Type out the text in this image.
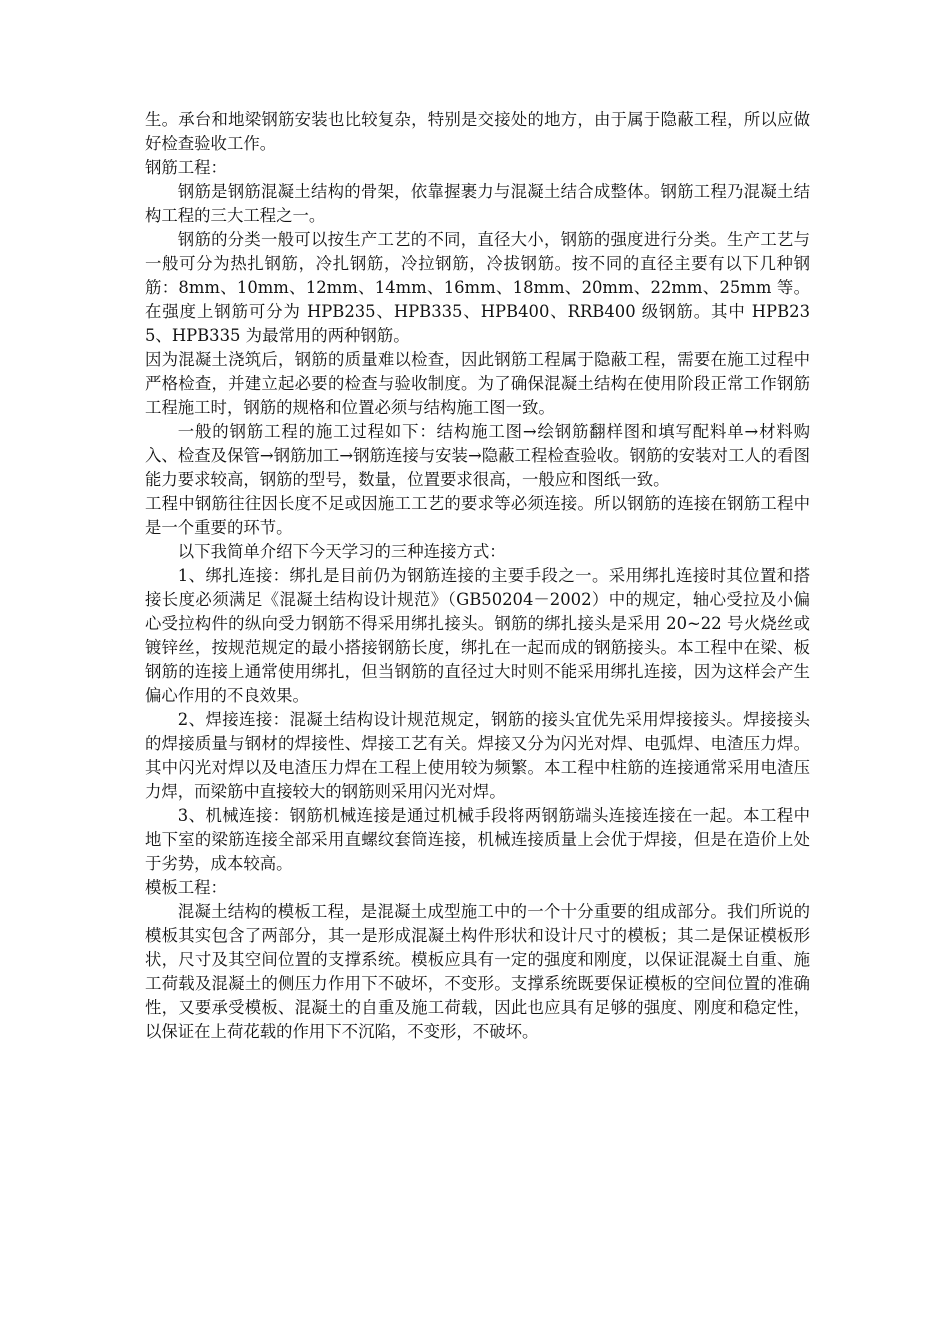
生。承台和地梁钢筋安装也比较复杂，特别是交接处的地方，由于属于隐蔽工程，所以应做好检查验收工作。

钢筋工程：

钢筋是钢筋混凝土结构的骨架，依靠握裹力与混凝土结合成整体。钢筋工程乃混凝土结构工程的三大工程之一。

钢筋的分类一般可以按生产工艺的不同，直径大小，钢筋的强度进行分类。生产工艺与一般可分为热扎钢筋，冷扎钢筋，冷拉钢筋，冷拔钢筋。按不同的直径主要有以下几种钢筋：8mm、10mm、12mm、14mm、16mm、18mm、20mm、22mm、25mm 等。在强度上钢筋可分为 HPB235、HPB335、HPB400、RRB400 级钢筋。其中 HPB235、HPB335 为最常用的两种钢筋。

因为混凝土浇筑后，钢筋的质量难以检查，因此钢筋工程属于隐蔽工程，需要在施工过程中严格检查，并建立起必要的检查与验收制度。为了确保混凝土结构在使用阶段正常工作钢筋工程施工时，钢筋的规格和位置必须与结构施工图一致。

一般的钢筋工程的施工过程如下：结构施工图→绘钢筋翻样图和填写配料单→材料购入、检查及保管→钢筋加工→钢筋连接与安装→隐蔽工程检查验收。钢筋的安装对工人的看图能力要求较高，钢筋的型号，数量，位置要求很高，一般应和图纸一致。

工程中钢筋往往因长度不足或因施工工艺的要求等必须连接。所以钢筋的连接在钢筋工程中是一个重要的环节。

以下我简单介绍下今天学习的三种连接方式：

1、绑扎连接：绑扎是目前仍为钢筋连接的主要手段之一。采用绑扎连接时其位置和搭接长度必须满足《混凝土结构设计规范》（GB50204－2002）中的规定，轴心受拉及小偏心受拉构件的纵向受力钢筋不得采用绑扎接头。钢筋的绑扎接头是采用 20~22 号火烧丝或镀锌丝，按规范规定的最小搭接钢筋长度，绑扎在一起而成的钢筋接头。本工程中在梁、板钢筋的连接上通常使用绑扎，但当钢筋的直径过大时则不能采用绑扎连接，因为这样会产生偏心作用的不良效果。

2、焊接连接：混凝土结构设计规范规定，钢筋的接头宜优先采用焊接接头。焊接接头的焊接质量与钢材的焊接性、焊接工艺有关。焊接又分为闪光对焊、电弧焊、电渣压力焊。其中闪光对焊以及电渣压力焊在工程上使用较为频繁。本工程中柱筋的连接通常采用电渣压力焊，而梁筋中直接较大的钢筋则采用闪光对焊。

3、机械连接：钢筋机械连接是通过机械手段将两钢筋端头连接连接在一起。本工程中地下室的梁筋连接全部采用直螺纹套筒连接，机械连接质量上会优于焊接，但是在造价上处于劣势，成本较高。

模板工程：

混凝土结构的模板工程，是混凝土成型施工中的一个十分重要的组成部分。我们所说的模板其实包含了两部分，其一是形成混凝土构件形状和设计尺寸的模板；其二是保证模板形状，尺寸及其空间位置的支撑系统。模板应具有一定的强度和刚度，以保证混凝土自重、施工荷载及混凝土的侧压力作用下不破坏，不变形。支撑系统既要保证模板的空间位置的准确性，又要承受模板、混凝土的自重及施工荷载，因此也应具有足够的强度、刚度和稳定性，以保证在上荷花载的作用下不沉陷，不变形，不破坏。
